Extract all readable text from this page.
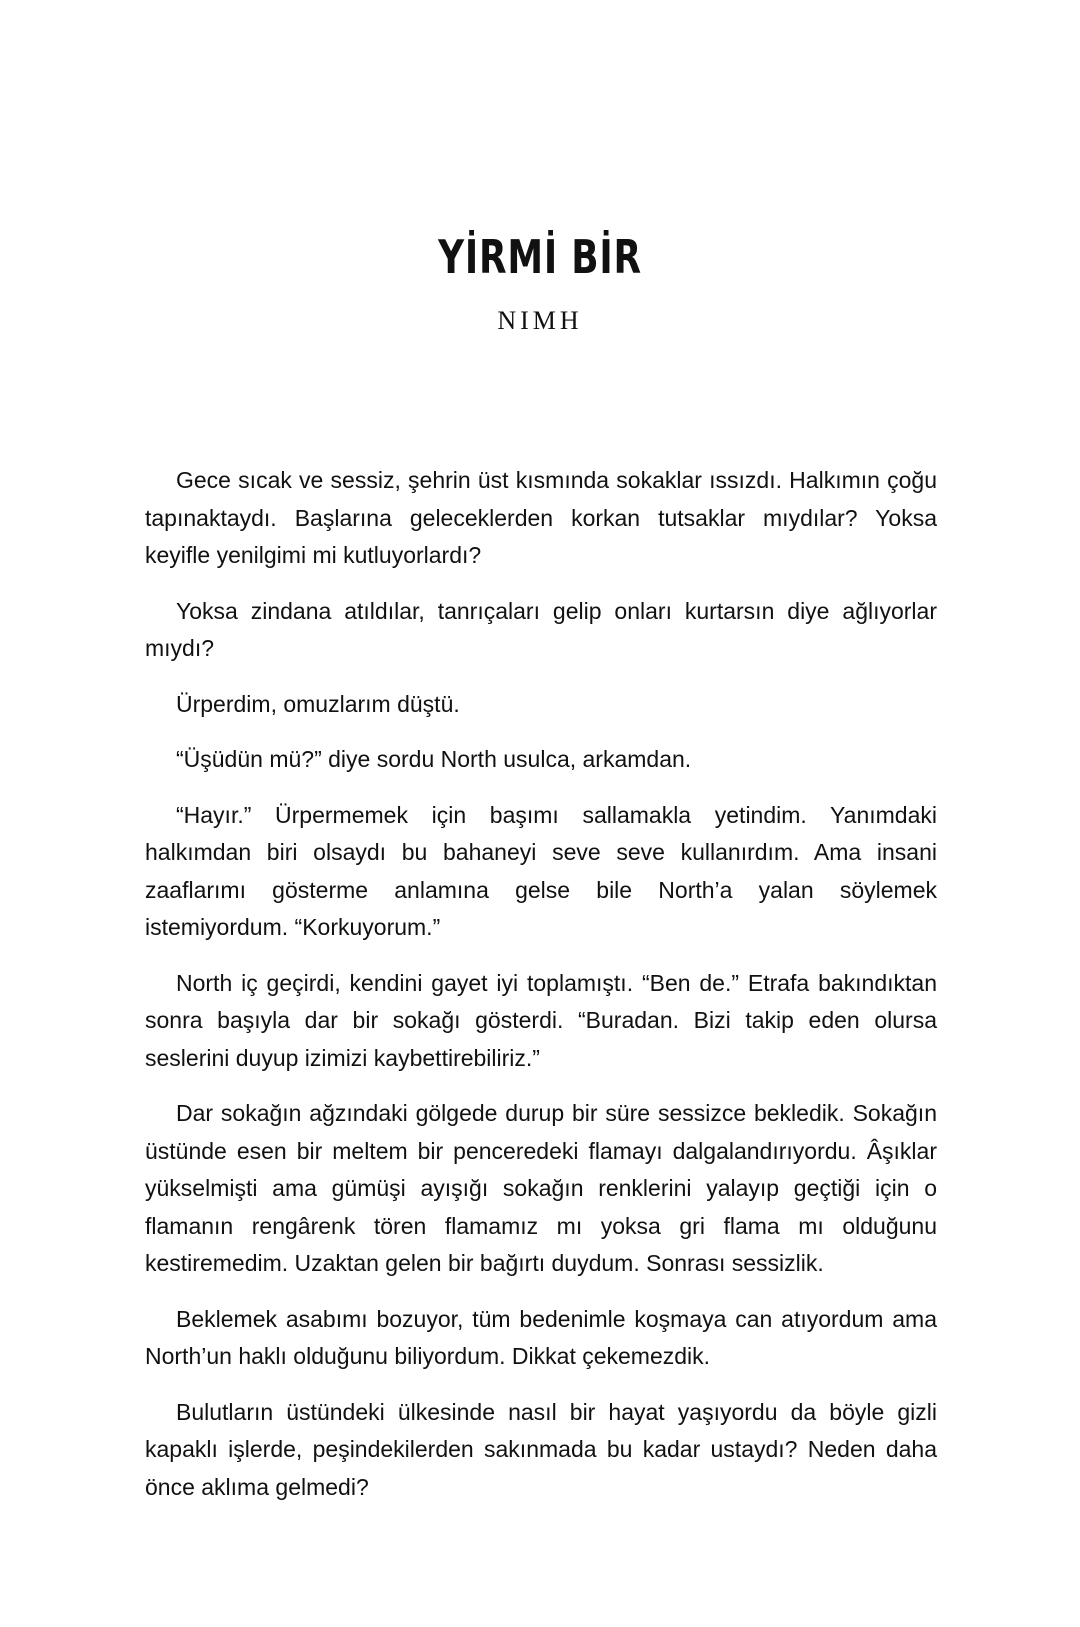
YİRMİ BİR
NIMH

Gece sıcak ve sessiz, şehrin üst kısmında sokaklar ıssızdı. Halkımın çoğu tapınaktaydı. Başlarına geleceklerden korkan tutsaklar mıydılar? Yoksa keyifle yenilgimi mi kutluyorlardı?

Yoksa zindana atıldılar, tanrıçaları gelip onları kurtarsın diye ağlıyorlar mıydı?

Ürperdim, omuzlarım düştü.

“Üşüdün mü?” diye sordu North usulca, arkamdan.

“Hayır.” Ürpermemek için başımı sallamakla yetindim. Yanımdaki halkımdan biri olsaydı bu bahaneyi seve seve kullanırdım. Ama insani zaaflarımı gösterme anlamına gelse bile North’a yalan söylemek istemiyordum. “Korkuyorum.”

North iç geçirdi, kendini gayet iyi toplamıştı. “Ben de.” Etrafa bakındıktan sonra başıyla dar bir sokağı gösterdi. “Buradan. Bizi takip eden olursa seslerini duyup izimizi kaybettirebiliriz.”

Dar sokağın ağzındaki gölgede durup bir süre sessizce bekledik. Sokağın üstünde esen bir meltem bir penceredeki flamayı dalgalandırıyordu. Âşıklar yükselmişti ama gümüşi ayışığı sokağın renklerini yalayıp geçtiği için o flamanın rengârenk tören flamamız mı yoksa gri flama mı olduğunu kestiremedim. Uzaktan gelen bir bağırtı duydum. Sonrası sessizlik.

Beklemek asabımı bozuyor, tüm bedenimle koşmaya can atıyordum ama North’un haklı olduğunu biliyordum. Dikkat çekemezdik.

Bulutların üstündeki ülkesinde nasıl bir hayat yaşıyordu da böyle gizli kapaklı işlerde, peşindekilerden sakınmada bu kadar ustaydı? Neden daha önce aklıma gelmedi?
